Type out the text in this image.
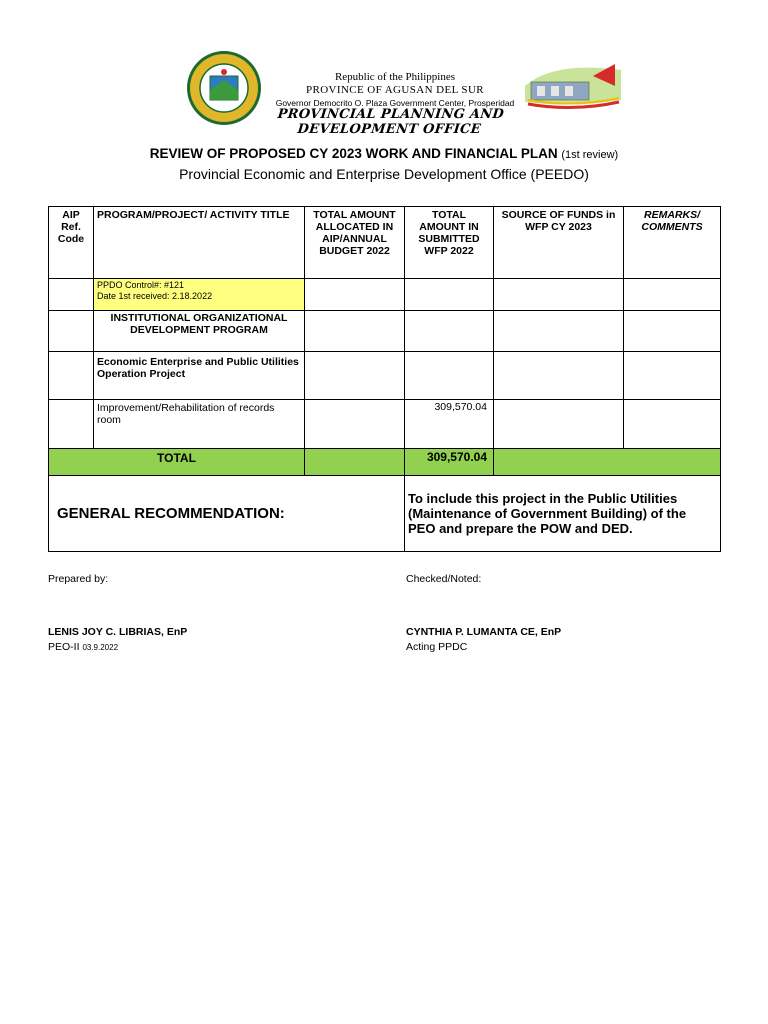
Republic of the Philippines
PROVINCE OF AGUSAN DEL SUR
Governor Democrito O. Plaza Government Center, Prosperidad
PROVINCIAL PLANNING AND DEVELOPMENT OFFICE
REVIEW OF PROPOSED CY 2023 WORK AND FINANCIAL PLAN (1st review)
Provincial Economic and Enterprise Development Office (PEEDO)
AIP Ref. Code	PROGRAM/PROJECT/ ACTIVITY TITLE	TOTAL AMOUNT ALLOCATED IN AIP/ANNUAL BUDGET 2022	TOTAL AMOUNT IN SUBMITTED WFP 2022	SOURCE OF FUNDS in WFP CY 2023	REMARKS/ COMMENTS

	PPDO Control#: #121
Date 1st received: 2.18.2022				

	INSTITUTIONAL ORGANIZATIONAL DEVELOPMENT PROGRAM				
	Economic Enterprise and Public Utilities Operation Project				
	Improvement/Rehabilitation of records room		309,570.04		
TOTAL			309,570.04		
GENERAL RECOMMENDATION:			To include this project in the Public Utilities (Maintenance of Government Building) of the PEO and prepare the POW and DED.		
Prepared by:	Checked/Noted:
LENIS JOY C. LIBRIAS, EnP
PEO-II 03.9.2022
CYNTHIA P. LUMANTA CE, EnP
Acting PPDC
